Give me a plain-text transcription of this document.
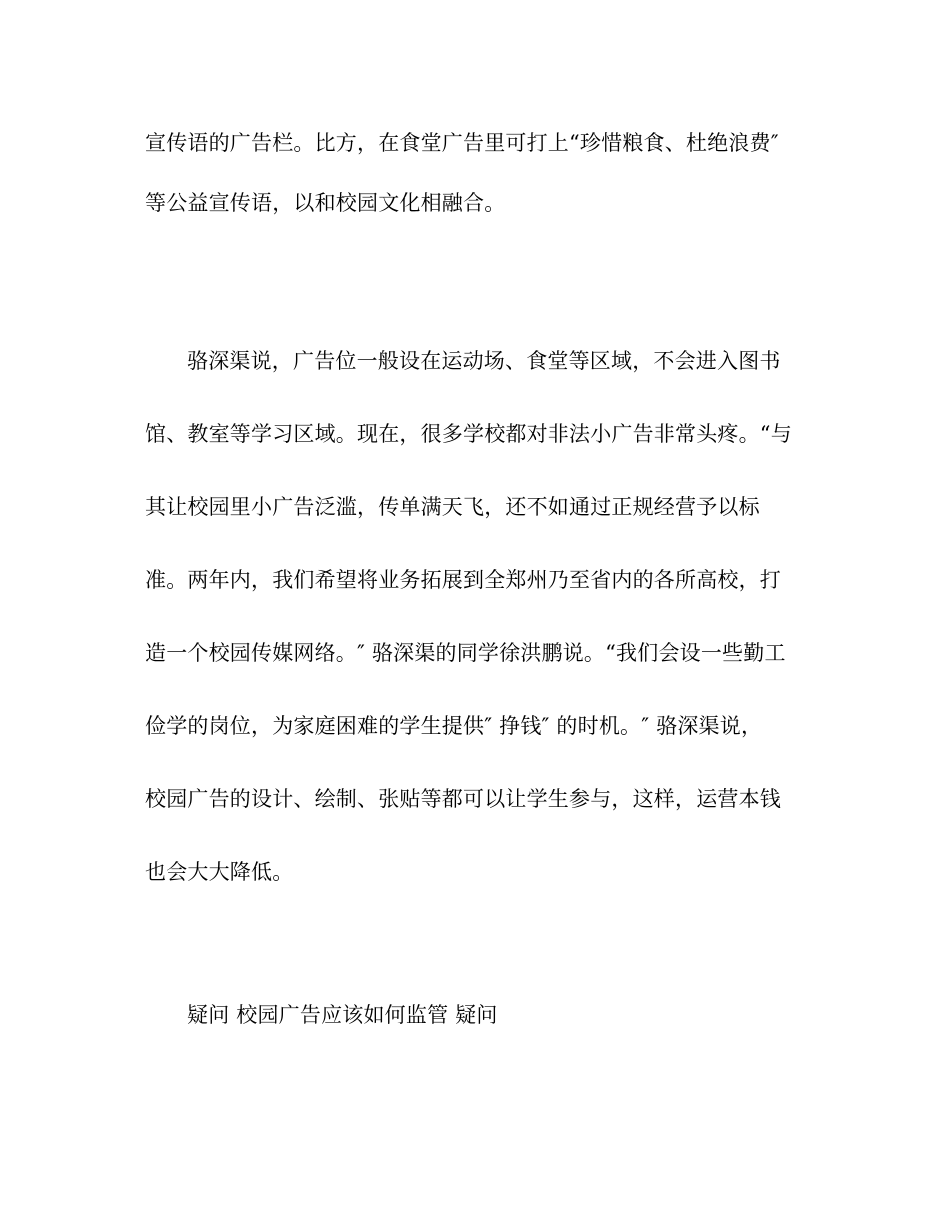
宣传语的广告栏。比方，在食堂广告里可打上“珍惜粮食、杜绝浪费″
等公益宣传语，以和校园文化相融合。
骆深渠说，广告位一般设在运动场、食堂等区域，不会进入图书
馆、教室等学习区域。现在，很多学校都对非法小广告非常头疼。“与
其让校园里小广告泛滥，传单满天飞，还不如通过正规经营予以标
准。两年内，我们希望将业务拓展到全郑州乃至省内的各所高校，打
造一个校园传媒网络。″ 骆深渠的同学徐洪鹏说。“我们会设一些勤工
俭学的岗位，为家庭困难的学生提供″ 挣钱″ 的时机。″ 骆深渠说，
校园广告的设计、绘制、张贴等都可以让学生参与，这样，运营本钱
也会大大降低。
疑问 校园广告应该如何监管 疑问
